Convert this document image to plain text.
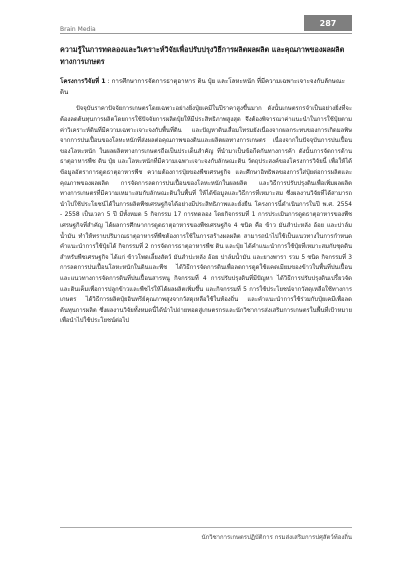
Brain Media
287

ความรู้ในการทดลองและวิเคราะห์วิจัยเพื่อปรับปรุงวิธีการผลิตผลผลิต และคุณภาพของผลผลิตทางการเกษตร

โครงการวิจัยที่ 1 : การศึกษาการจัดการธาตุอาหาร ดิน ปุ๋ย และโลหะหนัก ที่มีความเฉพาะเจาะจงกับลักษณะดิน

ปัจจุบันราคาปัจจัยการเกษตรโดยเฉพาะอย่างยิ่งปุ๋ยเคมีในปีราคาสูงขึ้นมาก ดังนั้นเกษตรกรจำเป็นอย่างยิ่งที่จะต้องลดต้นทุนการผลิตโดยการใช้ปัจจัยการผลิตปุ๋ยให้มีประสิทธิภาพสูงสุด จึงต้องพิจารณาค่าแนะนำในการใช้ปุ๋ยตามค่าวิเคราะห์ดินที่มีความเฉพาะเจาะจงกับพื้นที่ดิน และปัญหาดินเสื่อมโทรมยังเนื่องจากผลกระทบของการเกิดมลพิษ จากการปนเปื้อนของโลหะหนักที่ส่งผลต่อคุณภาพของดินและผลิตผลทางการเกษตร เนื่องจากในปัจจุบันการปนเปื้อนของโลหะหนัก ในผลผลิตทางการเกษตรถือเป็นประเด็นสำคัญ ที่นำมาเป็นข้อกีดกันทางการค้า ดังนั้นการจัดการด้านธาตุอาหารพืช ดิน ปุ๋ย และโลหะหนักที่มีความเฉพาะเจาะจงกับลักษณะดิน วัตถุประสงค์ของโครงการวิจัยนี้ เพื่อให้ได้ข้อมูลอัตราการดูดธาตุอาหารพืช ความต้องการปุ๋ยของพืชเศรษฐกิจ และศึกษาอิทธิพลของการใส่ปุ๋ยต่อการผลิตและคุณภาพของผลผลิต การจัดการลดการปนเปื้อนของโลหะหนักในผลผลิต และวิธีการปรับปรุงดินเพื่อเพิ่มผลผลิตทางการเกษตรที่มีความเหมาะสมกับลักษณะดินในพื้นที่ ให้ได้ข้อมูลและวิธีการที่เหมาะสม ซึ่งผลงานวิจัยที่ได้สามารถนำไปใช้ประโยชน์ได้ในการผลิตพืชเศรษฐกิจได้อย่างมีประสิทธิภาพและยั่งยืน โครงการนี้ดำเนินการในปี พ.ศ. 2554 - 2558 เป็นเวลา 5 ปี มีทั้งหมด 5 กิจกรรม 17 การทดลอง โดยกิจกรรมที่ 1 การประเมินการดูดธาตุอาหารของพืชเศรษฐกิจที่สำคัญ ได้ผลการศึกษาการดูดธาตุอาหารของพืชเศรษฐกิจ 4 ชนิด คือ ข้าว มันสำปะหลัง อ้อย และปาล์มน้ำมัน ทำให้ทราบปริมาณธาตุอาหารที่พืชต้องการใช้ในการสร้างผลผลิต สามารถนำไปใช้เป็นแนวทางในการกำหนดคำแนะนำการใช้ปุ๋ยได้ กิจกรรมที่ 2 การจัดการธาตุอาหารพืช ดิน และปุ๋ย ได้คำแนะนำการใช้ปุ๋ยที่เหมาะสมกับชุดดินสำหรับพืชเศรษฐกิจ ได้แก่ ข้าวโพดเลี้ยงสัตว์ มันสำปะหลัง อ้อย ปาล์มน้ำมัน และยางพารา รวม 5 ชนิด กิจกรรมที่ 3 การลดการปนเปื้อนโลหะหนักในดินและพืช ได้วิธีการจัดการดินเพื่อลดการดูดใช้แคดเมียมของข้าวในพื้นที่ปนเปื้อน และแนวทางการจัดการดินที่ปนเปื้อนสารหนู กิจกรรมที่ 4 การปรับปรุงดินที่มีปัญหา ได้วิธีการปรับปรุงดินเปรี้ยวจัดและดินเค็มเพื่อการปลูกข้าวและพืชไร่ให้ได้ผลผลิตเพิ่มขึ้น และกิจกรรมที่ 5 การใช้ประโยชน์จากวัสดุเหลือใช้ทางการเกษตร ได้วิธีการผลิตปุ๋ยอินทรีย์คุณภาพสูงจากวัสดุเหลือใช้ในท้องถิ่น และคำแนะนำการใช้ร่วมกับปุ๋ยเคมีเพื่อลดต้นทุนการผลิต ซึ่งผลงานวิจัยทั้งหมดนี้ได้นำไปถ่ายทอดสู่เกษตรกรและนักวิชาการส่งเสริมการเกษตรในพื้นที่เป้าหมายเพื่อนำไปใช้ประโยชน์ต่อไป

นักวิชาการเกษตรปฏิบัติการ กรมส่งเสริมการปศุสัตว์ท้องถิ่น
